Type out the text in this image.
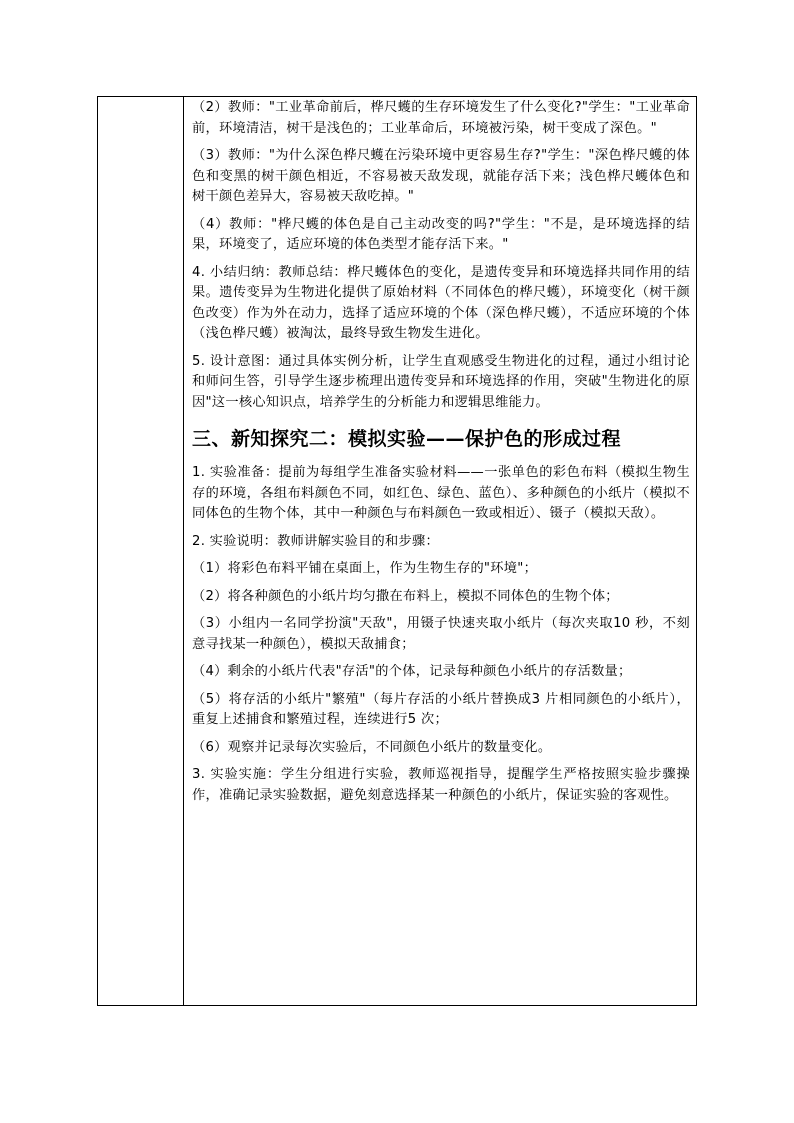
（2）教师："工业革命前后，桦尺蠖的生存环境发生了什么变化?"学生："工业革命前，环境清洁，树干是浅色的；工业革命后，环境被污染，树干变成了深色。"

（3）教师："为什么深色桦尺蠖在污染环境中更容易生存?"学生："深色桦尺蠖的体色和变黑的树干颜色相近，不容易被天敌发现，就能存活下来；浅色桦尺蠖体色和树干颜色差异大，容易被天敌吃掉。"

（4）教师："桦尺蠖的体色是自己主动改变的吗?"学生："不是，是环境选择的结果，环境变了，适应环境的体色类型才能存活下来。"

4. 小结归纳：教师总结：桦尺蠖体色的变化，是遗传变异和环境选择共同作用的结果。遗传变异为生物进化提供了原始材料（不同体色的桦尺蠖），环境变化（树干颜色改变）作为外在动力，选择了适应环境的个体（深色桦尺蠖），不适应环境的个体（浅色桦尺蠖）被淘汰，最终导致生物发生进化。

5. 设计意图：通过具体实例分析，让学生直观感受生物进化的过程，通过小组讨论和师问生答，引导学生逐步梳理出遗传变异和环境选择的作用，突破"生物进化的原因"这一核心知识点，培养学生的分析能力和逻辑思维能力。

三、新知探究二：模拟实验——保护色的形成过程

1. 实验准备：提前为每组学生准备实验材料——一张单色的彩色布料（模拟生物生存的环境，各组布料颜色不同，如红色、绿色、蓝色）、多种颜色的小纸片（模拟不同体色的生物个体，其中一种颜色与布料颜色一致或相近）、镊子（模拟天敌）。

2. 实验说明：教师讲解实验目的和步骤：

（1）将彩色布料平铺在桌面上，作为生物生存的"环境"；

（2）将各种颜色的小纸片均匀撒在布料上，模拟不同体色的生物个体；

（3）小组内一名同学扮演"天敌"，用镊子快速夹取小纸片（每次夹取10 秒，不刻意寻找某一种颜色），模拟天敌捕食；

（4）剩余的小纸片代表"存活"的个体，记录每种颜色小纸片的存活数量；

（5）将存活的小纸片"繁殖"（每片存活的小纸片替换成3 片相同颜色的小纸片），重复上述捕食和繁殖过程，连续进行5 次；

（6）观察并记录每次实验后，不同颜色小纸片的数量变化。

3. 实验实施：学生分组进行实验，教师巡视指导，提醒学生严格按照实验步骤操作，准确记录实验数据，避免刻意选择某一种颜色的小纸片，保证实验的客观性。
